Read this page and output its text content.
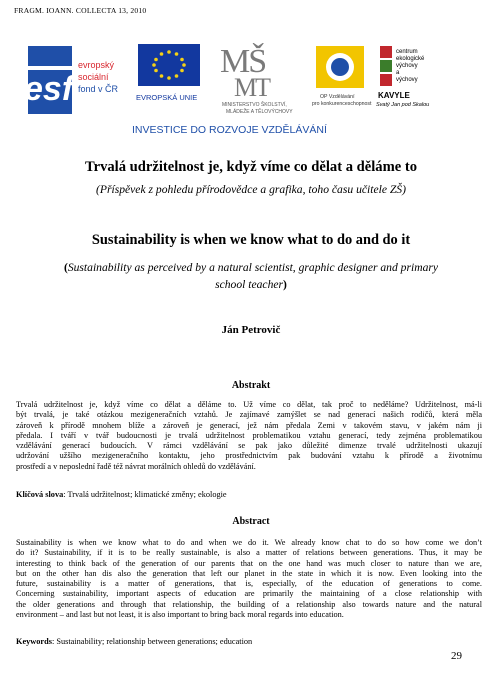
FRAGM. IOANN. COLLECTA 13, 2010
esf
evropský
sociální
fond v ČR
EVROPSKÁ UNIE
MŠ
MT
MINISTERSTVO ŠKOLSTVÍ,
MLÁDEŽE A TĚLOVÝCHOVY
OP Vzdělávání
pro konkurenceschopnost
centrum
ekologické
výchovy
a
výchovy
KAVYLE
Svatý Jan pod Skalou
INVESTICE DO ROZVOJE VZDĚLÁVÁNÍ
Trvalá udržitelnost je, když víme co dělat a děláme to
(Příspěvek z pohledu přírodovědce a grafika, toho času učitele ZŠ)
Sustainability is when we know what to do and do it
(Sustainability as perceived by a natural scientist, graphic designer and primary
school teacher)
Ján Petrovič
Abstrakt
Trvalá udržitelnost je, když víme co dělat a děláme to. Už víme co dělat, tak proč to neděláme? Udržitelnost, má-li
být trvalá, je také otázkou mezigeneračních vztahů. Je zajímavé zamýšlet se nad generací našich rodičů, která měla
zároveň k přírodě mnohem blíže a zároveň je generací, jež nám předala Zemi v takovém stavu, v jakém nám ji
předala. I tváří v tvář budoucnosti je trvalá udržitelnost problematikou vztahu generací, tedy zejména problematikou
vzdělávání generací budoucích. V rámci vzdělávání se pak jako důležité dimenze trvalé udržitelnosti ukazují
udržování užšího mezigeneračního kontaktu, jeho prostřednictvím pak budování vztahu k přírodě a životnímu
prostředí a v neposlední řadě též návrat morálních ohledů do vzdělávání.
Klíčová slova: Trvalá udržitelnost; klimatické změny; ekologie
Abstract
Sustainability is when we know what to do and when we do it. We already know chat to do so how come we don’t
do it? Sustainability, if it is to be really sustainable, is also a matter of relations between generations. Thus, it may be
interesting to think back of the generation of our parents that on the one hand was much closer to nature than we are,
but on the other han dis also the generation that left our planet in the state in which it is now. Even looking into the
future, sustainability is a matter of generations, that is, especially, of the education of generations to come.
Concerning sustainability, important aspects of education are primarily the maintaining of a close relationship with
the older generations and through that relationship, the building of a relationship also towards nature and the natural
environment – and last but not least, it is also important to bring back moral regards into education.
Keywords: Sustainability; relationship between generations; education
29
